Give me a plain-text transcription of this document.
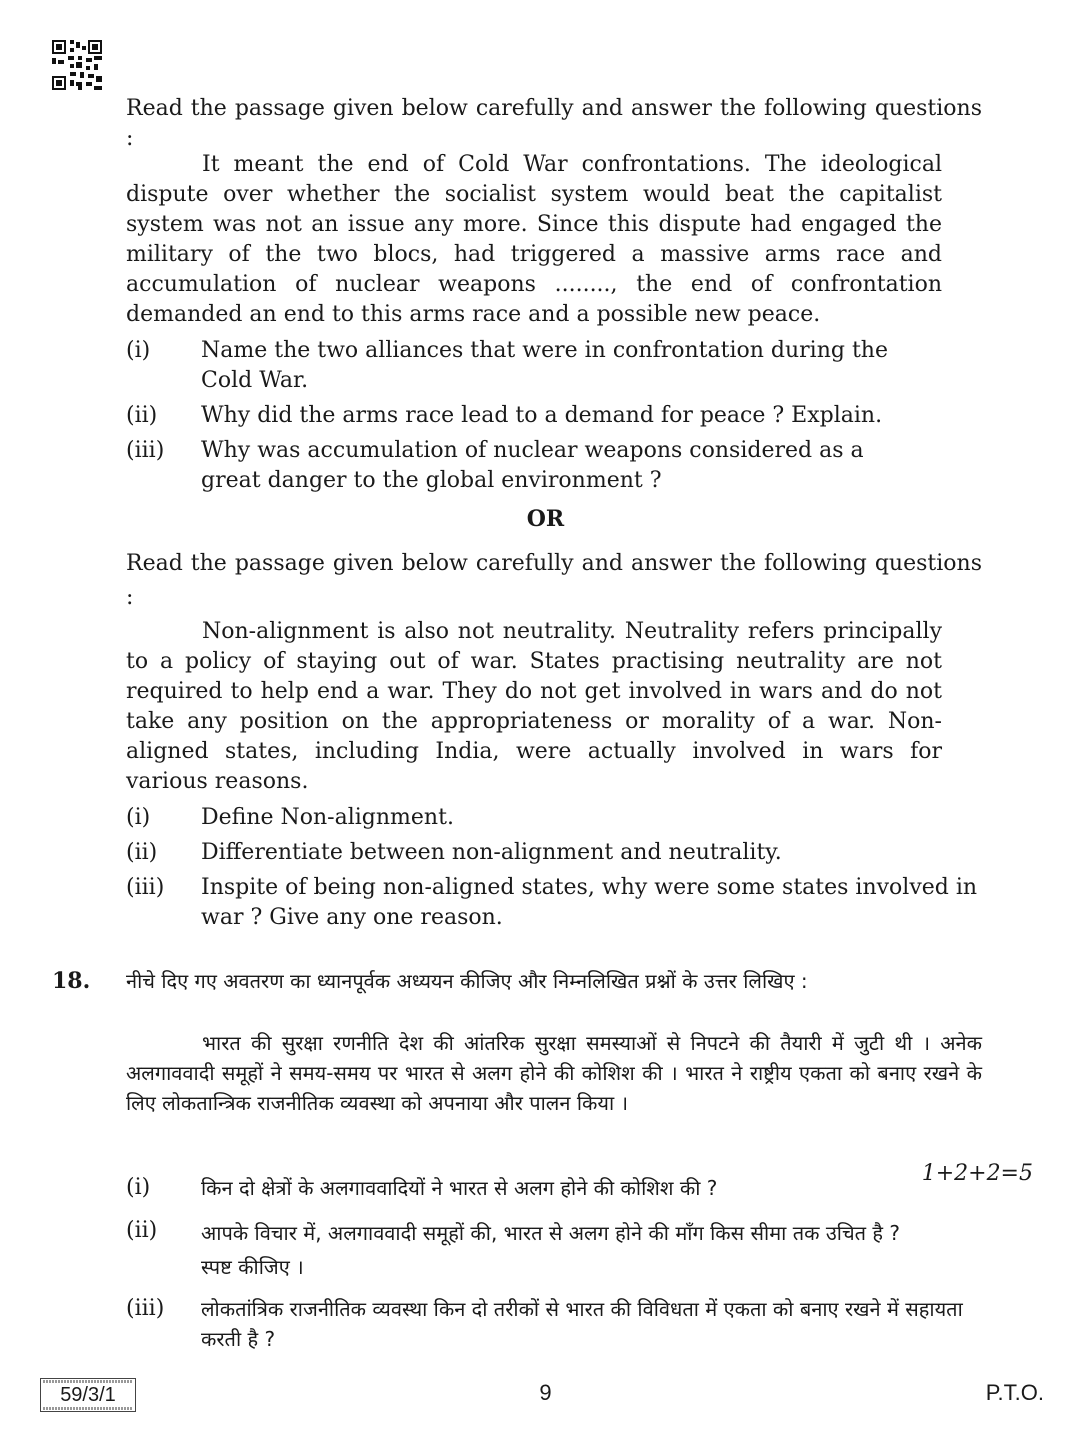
Read the passage given below carefully and answer the following questions :
It meant the end of Cold War confrontations. The ideological dispute over whether the socialist system would beat the capitalist system was not an issue any more. Since this dispute had engaged the military of the two blocs, had triggered a massive arms race and accumulation of nuclear weapons ........, the end of confrontation demanded an end to this arms race and a possible new peace.
(i) Name the two alliances that were in confrontation during the Cold War.
(ii) Why did the arms race lead to a demand for peace ? Explain.
(iii) Why was accumulation of nuclear weapons considered as a great danger to the global environment ?
OR
Read the passage given below carefully and answer the following questions :
Non-alignment is also not neutrality. Neutrality refers principally to a policy of staying out of war. States practising neutrality are not required to help end a war. They do not get involved in wars and do not take any position on the appropriateness or morality of a war. Non-aligned states, including India, were actually involved in wars for various reasons.
(i) Define Non-alignment.
(ii) Differentiate between non-alignment and neutrality.
(iii) Inspite of being non-aligned states, why were some states involved in war ? Give any one reason.
18. नीचे दिए गए अवतरण का ध्यानपूर्वक अध्ययन कीजिए और निम्नलिखित प्रश्नों के उत्तर लिखिए :
भारत की सुरक्षा रणनीति देश की आंतरिक सुरक्षा समस्याओं से निपटने की तैयारी में जुटी थी । अनेक अलगाववादी समूहों ने समय-समय पर भारत से अलग होने की कोशिश की । भारत ने राष्ट्रीय एकता को बनाए रखने के लिए लोकतान्त्रिक राजनीतिक व्यवस्था को अपनाया और पालन किया ।
(i)	किन दो क्षेत्रों के अलगाववादियों ने भारत से अलग होने की कोशिश की ?
(ii) आपके विचार में, अलगाववादी समूहों की, भारत से अलग होने की माँग किस सीमा तक उचित है ? स्पष्ट कीजिए ।
(iii) लोकतांत्रिक राजनीतिक व्यवस्था किन दो तरीकों से भारत की विविधता में एकता को बनाए रखने में सहायता करती है ?
1+2+2=5
59/3/1	9	P.T.O.
